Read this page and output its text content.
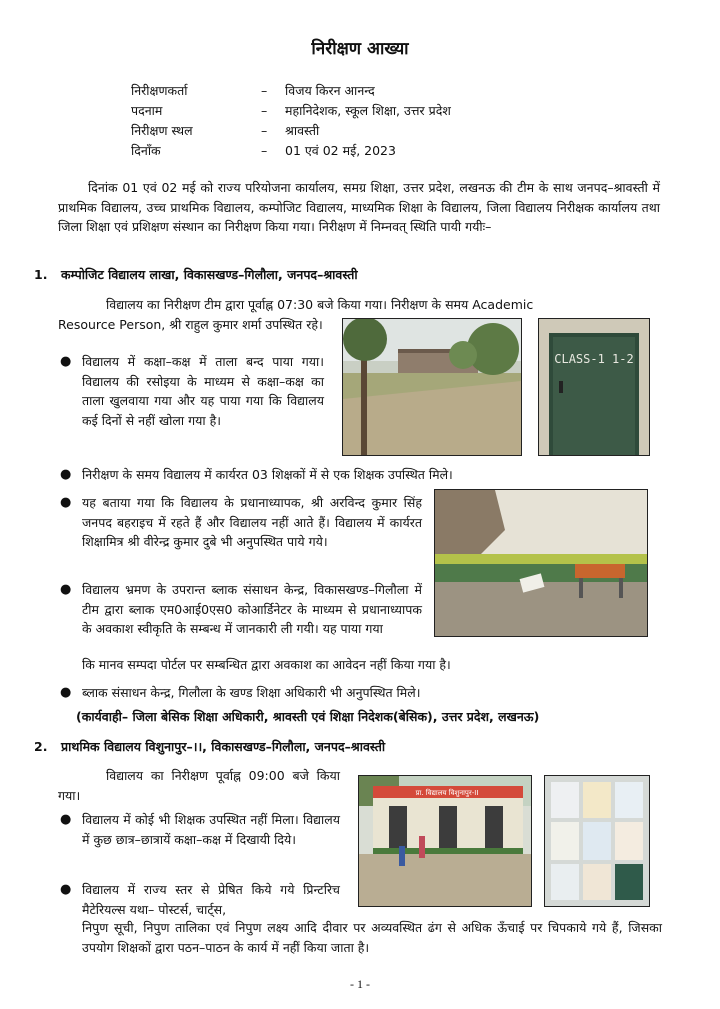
निरीक्षण आख्या
निरीक्षणकर्ता	– विजय किरन आनन्द
पदनाम	– महानिदेशक, स्कूल शिक्षा, उत्तर प्रदेश
निरीक्षण स्थल	– श्रावस्ती
दिनाँक	– 01 एवं 02 मई, 2023
दिनांक 01 एवं 02 मई को राज्य परियोजना कार्यालय, समग्र शिक्षा, उत्तर प्रदेश, लखनऊ की टीम के साथ जनपद–श्रावस्ती में प्राथमिक विद्यालय, उच्च प्राथमिक विद्यालय, कम्पोजिट विद्यालय, माध्यमिक शिक्षा के विद्यालय, जिला विद्यालय निरीक्षक कार्यालय तथा जिला शिक्षा एवं प्रशिक्षण संस्थान का निरीक्षण किया गया। निरीक्षण में निम्नवत् स्थिति पायी गयीः–
1. कम्पोजिट विद्यालय लाखा, विकासखण्ड–गिलौला, जनपद–श्रावस्ती
विद्यालय का निरीक्षण टीम द्वारा पूर्वाह्न 07:30 बजे किया गया। निरीक्षण के समय Academic
Resource Person, श्री राहुल कुमार शर्मा उपस्थित रहे।
CLASS-1 1-2
● विद्यालय में कक्षा–कक्ष में ताला बन्द पाया गया। विद्यालय की रसोइया के माध्यम से कक्षा–कक्ष का ताला खुलवाया गया और यह पाया गया कि विद्यालय कई दिनों से नहीं खोला गया है।
● निरीक्षण के समय विद्यालय में कार्यरत 03 शिक्षकों में से एक शिक्षक उपस्थित मिले।
● यह बताया गया कि विद्यालय के प्रधानाध्यापक, श्री अरविन्द कुमार सिंह जनपद बहराइच में रहते हैं और विद्यालय नहीं आते हैं। विद्यालय में कार्यरत शिक्षामित्र श्री वीरेन्द्र कुमार दुबे भी अनुपस्थित पाये गये।
● विद्यालय भ्रमण के उपरान्त ब्लाक संसाधन केन्द्र, विकासखण्ड–गिलौला में टीम द्वारा ब्लाक एम0आई0एस0 कोआर्डिनेटर के माध्यम से प्रधानाध्यापक के अवकाश स्वीकृति के सम्बन्ध में जानकारी ली गयी। यह पाया गया
कि मानव सम्पदा पोर्टल पर सम्बन्धित द्वारा अवकाश का आवेदन नहीं किया गया है।
● ब्लाक संसाधन केन्द्र, गिलौला के खण्ड शिक्षा अधिकारी भी अनुपस्थित मिले।
(कार्यवाही– जिला बेसिक शिक्षा अधिकारी, श्रावस्ती एवं शिक्षा निदेशक(बेसिक), उत्तर प्रदेश, लखनऊ)
2. प्राथमिक विद्यालय विशुनापुर–।।, विकासखण्ड–गिलौला, जनपद–श्रावस्ती
विद्यालय का निरीक्षण पूर्वाह्न 09:00 बजे किया गया।	प्रा. विद्यालय विशुनापुर-II
● विद्यालय में कोई भी शिक्षक उपस्थित नहीं मिला। विद्यालय में कुछ छात्र–छात्रायें कक्षा–कक्ष में दिखायी दिये।
● विद्यालय में राज्य स्तर से प्रेषित किये गये प्रिन्टरिच मैटेरियल्स यथा– पोस्टर्स, चार्ट्स,
निपुण सूची, निपुण तालिका एवं निपुण लक्ष्य आदि दीवार पर अव्यवस्थित ढंग से अधिक ऊँचाई पर चिपकाये गये हैं, जिसका उपयोग शिक्षकों द्वारा पठन–पाठन के कार्य में नहीं किया जाता है।
- 1 -
